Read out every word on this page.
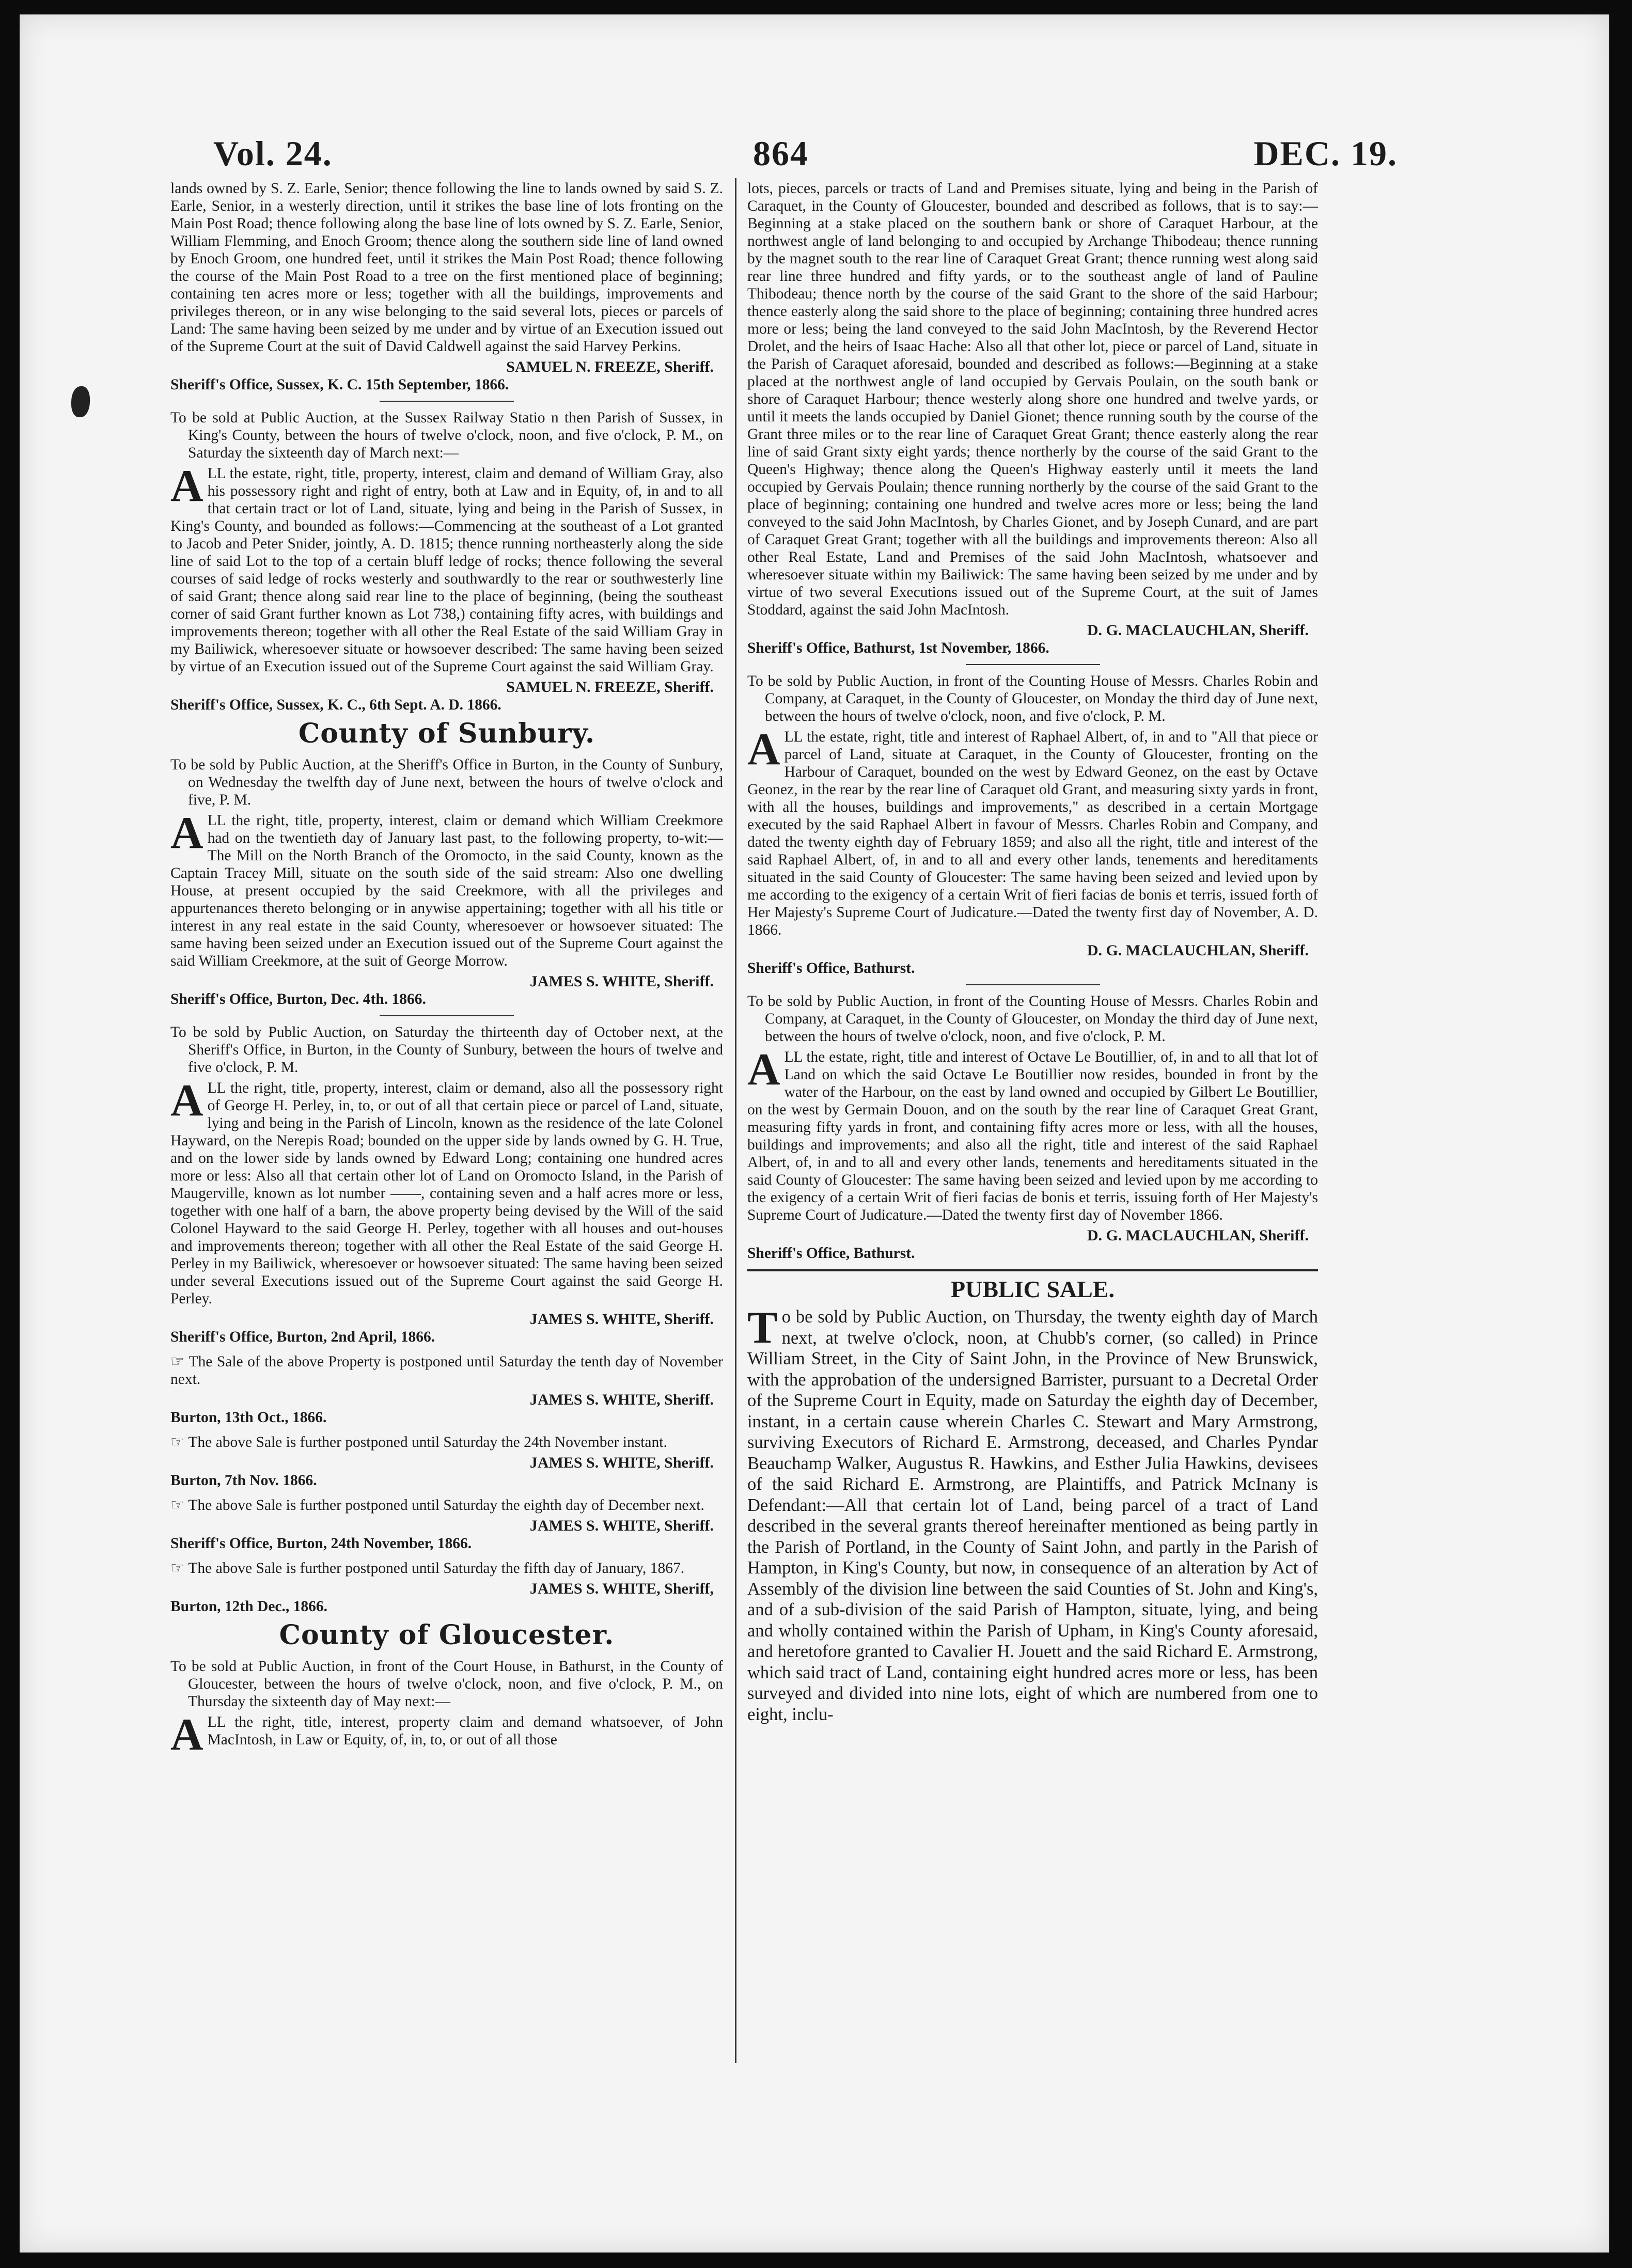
Vol. 24.	864	DEC. 19.

lands owned by S. Z. Earle, Senior; thence following the line to lands owned by said S. Z. Earle, Senior, in a westerly direction, until it strikes the base line of lots fronting on the Main Post Road; thence following along the base line of lots owned by S. Z. Earle, Senior, William Flemming, and Enoch Groom; thence along the southern side line of land owned by Enoch Groom, one hundred feet, until it strikes the Main Post Road; thence following the course of the Main Post Road to a tree on the first mentioned place of beginning; containing ten acres more or less; together with all the buildings, improvements and privileges thereon, or in any wise belonging to the said several lots, pieces or parcels of Land: The same having been seized by me under and by virtue of an Execution issued out of the Supreme Court at the suit of David Caldwell against the said Harvey Perkins.

SAMUEL N. FREEZE, Sheriff.

Sheriff's Office, Sussex, K. C. 15th September, 1866.

To be sold at Public Auction, at the Sussex Railway Statio n then Parish of Sussex, in King's County, between the hours of twelve o'clock, noon, and five o'clock, P. M., on Saturday the sixteenth day of March next:—

ALL the estate, right, title, property, interest, claim and demand of William Gray, also his possessory right and right of entry, both at Law and in Equity, of, in and to all that certain tract or lot of Land, situate, lying and being in the Parish of Sussex, in King's County, and bounded as follows:—Commencing at the southeast of a Lot granted to Jacob and Peter Snider, jointly, A. D. 1815; thence running northeasterly along the side line of said Lot to the top of a certain bluff ledge of rocks; thence following the several courses of said ledge of rocks westerly and southwardly to the rear or southwesterly line of said Grant; thence along said rear line to the place of beginning, (being the southeast corner of said Grant further known as Lot 738,) containing fifty acres, with buildings and improvements thereon; together with all other the Real Estate of the said William Gray in my Bailiwick, wheresoever situate or howsoever described: The same having been seized by virtue of an Execution issued out of the Supreme Court against the said William Gray.

SAMUEL N. FREEZE, Sheriff.

Sheriff's Office, Sussex, K. C., 6th Sept. A. D. 1866.

County of Sunbury.

To be sold by Public Auction, at the Sheriff's Office in Burton, in the County of Sunbury, on Wednesday the twelfth day of June next, between the hours of twelve o'clock and five, P. M.

ALL the right, title, property, interest, claim or demand which William Creekmore had on the twentieth day of January last past, to the following property, to-wit:—The Mill on the North Branch of the Oromocto, in the said County, known as the Captain Tracey Mill, situate on the south side of the said stream: Also one dwelling House, at present occupied by the said Creekmore, with all the privileges and appurtenances thereto belonging or in anywise appertaining; together with all his title or interest in any real estate in the said County, wheresoever or howsoever situated: The same having been seized under an Execution issued out of the Supreme Court against the said William Creekmore, at the suit of George Morrow.

JAMES S. WHITE, Sheriff.

Sheriff's Office, Burton, Dec. 4th. 1866.

To be sold by Public Auction, on Saturday the thirteenth day of October next, at the Sheriff's Office, in Burton, in the County of Sunbury, between the hours of twelve and five o'clock, P. M.

ALL the right, title, property, interest, claim or demand, also all the possessory right of George H. Perley, in, to, or out of all that certain piece or parcel of Land, situate, lying and being in the Parish of Lincoln, known as the residence of the late Colonel Hayward, on the Nerepis Road; bounded on the upper side by lands owned by G. H. True, and on the lower side by lands owned by Edward Long; containing one hundred acres more or less: Also all that certain other lot of Land on Oromocto Island, in the Parish of Maugerville, known as lot number ——, containing seven and a half acres more or less, together with one half of a barn, the above property being devised by the Will of the said Colonel Hayward to the said George H. Perley, together with all houses and out-houses and improvements thereon; together with all other the Real Estate of the said George H. Perley in my Bailiwick, wheresoever or howsoever situated: The same having been seized under several Executions issued out of the Supreme Court against the said George H. Perley.

JAMES S. WHITE, Sheriff.

Sheriff's Office, Burton, 2nd April, 1866.

☞ The Sale of the above Property is postponed until Saturday the tenth day of November next.

JAMES S. WHITE, Sheriff.

Burton, 13th Oct., 1866.

☞ The above Sale is further postponed until Saturday the 24th November instant.

JAMES S. WHITE, Sheriff.

Burton, 7th Nov. 1866.

☞ The above Sale is further postponed until Saturday the eighth day of December next.

JAMES S. WHITE, Sheriff.

Sheriff's Office, Burton, 24th November, 1866.

☞ The above Sale is further postponed until Saturday the fifth day of January, 1867.

JAMES S. WHITE, Sheriff,

Burton, 12th Dec., 1866.

County of Gloucester.

To be sold at Public Auction, in front of the Court House, in Bathurst, in the County of Gloucester, between the hours of twelve o'clock, noon, and five o'clock, P. M., on Thursday the sixteenth day of May next:—

ALL the right, title, interest, property claim and demand whatsoever, of John MacIntosh, in Law or Equity, of, in, to, or out of all those

lots, pieces, parcels or tracts of Land and Premises situate, lying and being in the Parish of Caraquet, in the County of Gloucester, bounded and described as follows, that is to say:—Beginning at a stake placed on the southern bank or shore of Caraquet Harbour, at the northwest angle of land belonging to and occupied by Archange Thibodeau; thence running by the magnet south to the rear line of Caraquet Great Grant; thence running west along said rear line three hundred and fifty yards, or to the southeast angle of land of Pauline Thibodeau; thence north by the course of the said Grant to the shore of the said Harbour; thence easterly along the said shore to the place of beginning; containing three hundred acres more or less; being the land conveyed to the said John MacIntosh, by the Reverend Hector Drolet, and the heirs of Isaac Hache: Also all that other lot, piece or parcel of Land, situate in the Parish of Caraquet aforesaid, bounded and described as follows:—Beginning at a stake placed at the northwest angle of land occupied by Gervais Poulain, on the south bank or shore of Caraquet Harbour; thence westerly along shore one hundred and twelve yards, or until it meets the lands occupied by Daniel Gionet; thence running south by the course of the Grant three miles or to the rear line of Caraquet Great Grant; thence easterly along the rear line of said Grant sixty eight yards; thence northerly by the course of the said Grant to the Queen's Highway; thence along the Queen's Highway easterly until it meets the land occupied by Gervais Poulain; thence running northerly by the course of the said Grant to the place of beginning; containing one hundred and twelve acres more or less; being the land conveyed to the said John MacIntosh, by Charles Gionet, and by Joseph Cunard, and are part of Caraquet Great Grant; together with all the buildings and improvements thereon: Also all other Real Estate, Land and Premises of the said John MacIntosh, whatsoever and wheresoever situate within my Bailiwick: The same having been seized by me under and by virtue of two several Executions issued out of the Supreme Court, at the suit of James Stoddard, against the said John MacIntosh.

D. G. MACLAUCHLAN, Sheriff.

Sheriff's Office, Bathurst, 1st November, 1866.

To be sold by Public Auction, in front of the Counting House of Messrs. Charles Robin and Company, at Caraquet, in the County of Gloucester, on Monday the third day of June next, between the hours of twelve o'clock, noon, and five o'clock, P. M.

ALL the estate, right, title and interest of Raphael Albert, of, in and to "All that piece or parcel of Land, situate at Caraquet, in the County of Gloucester, fronting on the Harbour of Caraquet, bounded on the west by Edward Geonez, on the east by Octave Geonez, in the rear by the rear line of Caraquet old Grant, and measuring sixty yards in front, with all the houses, buildings and improvements," as described in a certain Mortgage executed by the said Raphael Albert in favour of Messrs. Charles Robin and Company, and dated the twenty eighth day of February 1859; and also all the right, title and interest of the said Raphael Albert, of, in and to all and every other lands, tenements and hereditaments situated in the said County of Gloucester: The same having been seized and levied upon by me according to the exigency of a certain Writ of fieri facias de bonis et terris, issued forth of Her Majesty's Supreme Court of Judicature.—Dated the twenty first day of November, A. D. 1866.

D. G. MACLAUCHLAN, Sheriff.

Sheriff's Office, Bathurst.

To be sold by Public Auction, in front of the Counting House of Messrs. Charles Robin and Company, at Caraquet, in the County of Gloucester, on Monday the third day of June next, between the hours of twelve o'clock, noon, and five o'clock, P. M.

ALL the estate, right, title and interest of Octave Le Boutillier, of, in and to all that lot of Land on which the said Octave Le Boutillier now resides, bounded in front by the water of the Harbour, on the east by land owned and occupied by Gilbert Le Boutillier, on the west by Germain Douon, and on the south by the rear line of Caraquet Great Grant, measuring fifty yards in front, and containing fifty acres more or less, with all the houses, buildings and improvements; and also all the right, title and interest of the said Raphael Albert, of, in and to all and every other lands, tenements and hereditaments situated in the said County of Gloucester: The same having been seized and levied upon by me according to the exigency of a certain Writ of fieri facias de bonis et terris, issuing forth of Her Majesty's Supreme Court of Judicature.—Dated the twenty first day of November 1866.

D. G. MACLAUCHLAN, Sheriff.

Sheriff's Office, Bathurst.

PUBLIC SALE.

To be sold by Public Auction, on Thursday, the twenty eighth day of March next, at twelve o'clock, noon, at Chubb's corner, (so called) in Prince William Street, in the City of Saint John, in the Province of New Brunswick, with the approbation of the undersigned Barrister, pursuant to a Decretal Order of the Supreme Court in Equity, made on Saturday the eighth day of December, instant, in a certain cause wherein Charles C. Stewart and Mary Armstrong, surviving Executors of Richard E. Armstrong, deceased, and Charles Pyndar Beauchamp Walker, Augustus R. Hawkins, and Esther Julia Hawkins, devisees of the said Richard E. Armstrong, are Plaintiffs, and Patrick McInany is Defendant:—All that certain lot of Land, being parcel of a tract of Land described in the several grants thereof hereinafter mentioned as being partly in the Parish of Portland, in the County of Saint John, and partly in the Parish of Hampton, in King's County, but now, in consequence of an alteration by Act of Assembly of the division line between the said Counties of St. John and King's, and of a sub-division of the said Parish of Hampton, situate, lying, and being and wholly contained within the Parish of Upham, in King's County aforesaid, and heretofore granted to Cavalier H. Jouett and the said Richard E. Armstrong, which said tract of Land, containing eight hundred acres more or less, has been surveyed and divided into nine lots, eight of which are numbered from one to eight, inclu-
